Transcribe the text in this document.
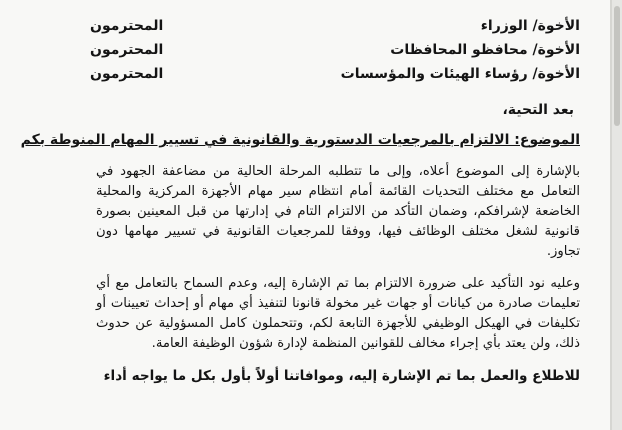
الأخوة/ الوزراء
المحترمون
الأخوة/ محافظو المحافظات
المحترمون
الأخوة/ رؤساء الهيئات والمؤسسات
المحترمون
بعد التحية،
الموضوع: الالتزام بالمرجعيات الدستورية والقانونية في تسيير المهام المنوطة بكم
بالإشارة إلى الموضوع أعلاه، وإلى ما تتطلبه المرحلة الحالية من مضاعفة الجهود في التعامل مع مختلف التحديات القائمة أمام انتظام سير مهام الأجهزة المركزية والمحلية الخاضعة لإشرافكم، وضمان التأكد من الالتزام التام في إدارتها من قبل المعينين بصورة قانونية لشغل مختلف الوظائف فيها، ووفقا للمرجعيات القانونية في تسيير مهامها دون تجاوز.
وعليه نود التأكيد على ضرورة الالتزام بما تم الإشارة إليه، وعدم السماح بالتعامل مع أي تعليمات صادرة من كيانات أو جهات غير مخولة قانونا لتنفيذ أي مهام أو إحداث تعيينات أو تكليفات في الهيكل الوظيفي للأجهزة التابعة لكم، وتتحملون كامل المسؤولية عن حدوث ذلك، ولن يعتد بأي إجراء مخالف للقوانين المنظمة لإدارة شؤون الوظيفة العامة.
للاطلاع والعمل بما تم الإشارة إليه، وموافاتنا أولاً بأول بكل ما يواجه أداء
